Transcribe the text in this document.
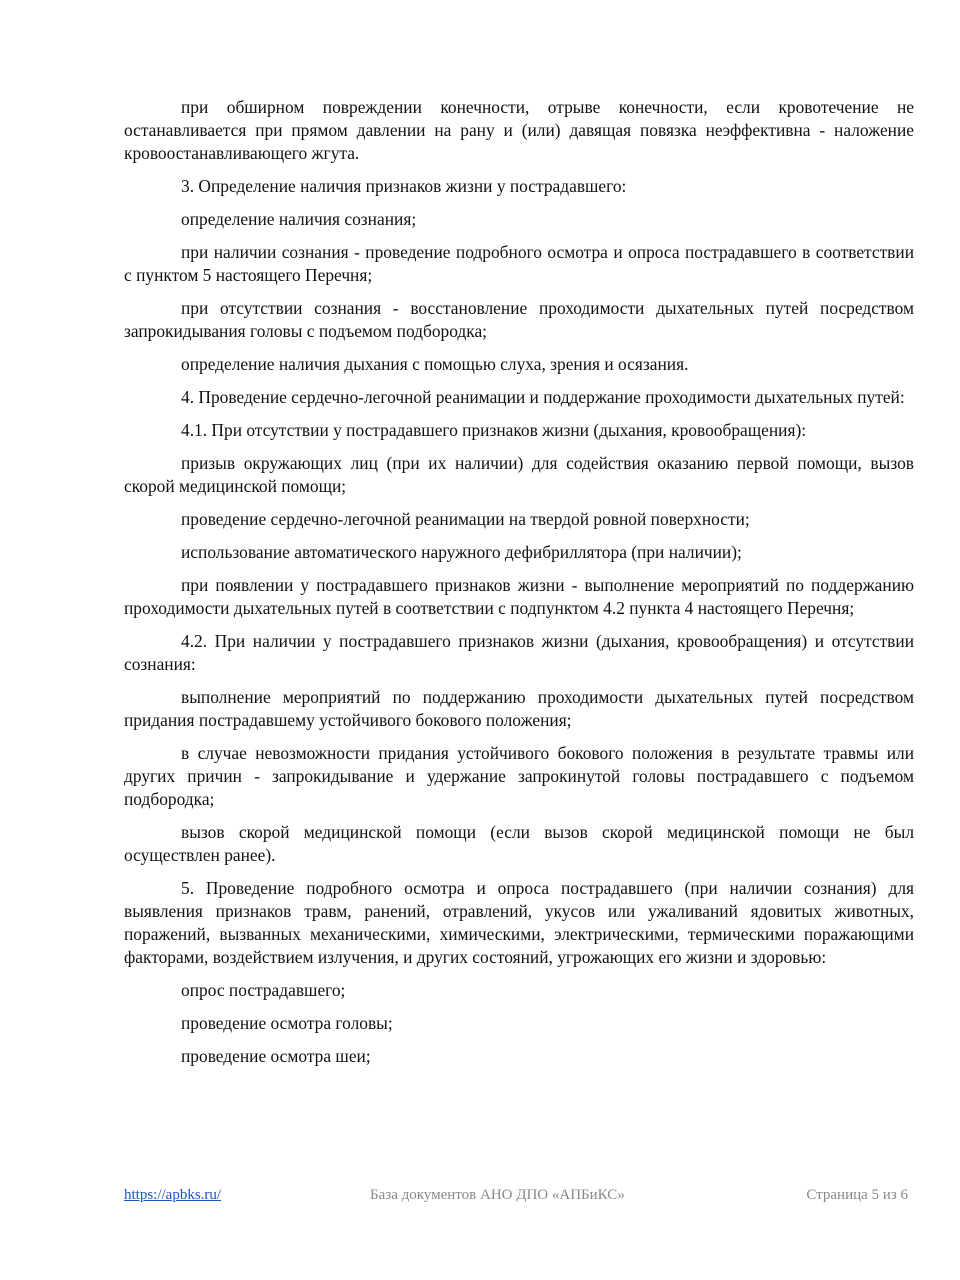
при обширном повреждении конечности, отрыве конечности, если кровотечение не останавливается при прямом давлении на рану и (или) давящая повязка неэффективна - наложение кровоостанавливающего жгута.

3. Определение наличия признаков жизни у пострадавшего:

определение наличия сознания;

при наличии сознания - проведение подробного осмотра и опроса пострадавшего в соответствии с пунктом 5 настоящего Перечня;

при отсутствии сознания - восстановление проходимости дыхательных путей посредством запрокидывания головы с подъемом подбородка;

определение наличия дыхания с помощью слуха, зрения и осязания.

4. Проведение сердечно-легочной реанимации и поддержание проходимости дыхательных путей:

4.1. При отсутствии у пострадавшего признаков жизни (дыхания, кровообращения):

призыв окружающих лиц (при их наличии) для содействия оказанию первой помощи, вызов скорой медицинской помощи;

проведение сердечно-легочной реанимации на твердой ровной поверхности;

использование автоматического наружного дефибриллятора (при наличии);

при появлении у пострадавшего признаков жизни - выполнение мероприятий по поддержанию проходимости дыхательных путей в соответствии с подпунктом 4.2 пункта 4 настоящего Перечня;

4.2. При наличии у пострадавшего признаков жизни (дыхания, кровообращения) и отсутствии сознания:

выполнение мероприятий по поддержанию проходимости дыхательных путей посредством придания пострадавшему устойчивого бокового положения;

в случае невозможности придания устойчивого бокового положения в результате травмы или других причин - запрокидывание и удержание запрокинутой головы пострадавшего с подъемом подбородка;

вызов скорой медицинской помощи (если вызов скорой медицинской помощи не был осуществлен ранее).

5. Проведение подробного осмотра и опроса пострадавшего (при наличии сознания) для выявления признаков травм, ранений, отравлений, укусов или ужаливаний ядовитых животных, поражений, вызванных механическими, химическими, электрическими, термическими поражающими факторами, воздействием излучения, и других состояний, угрожающих его жизни и здоровью:

опрос пострадавшего;

проведение осмотра головы;

проведение осмотра шеи;

https://apbks.ru/	База документов АНО ДПО «АПБиКС»	Страница 5 из 6
